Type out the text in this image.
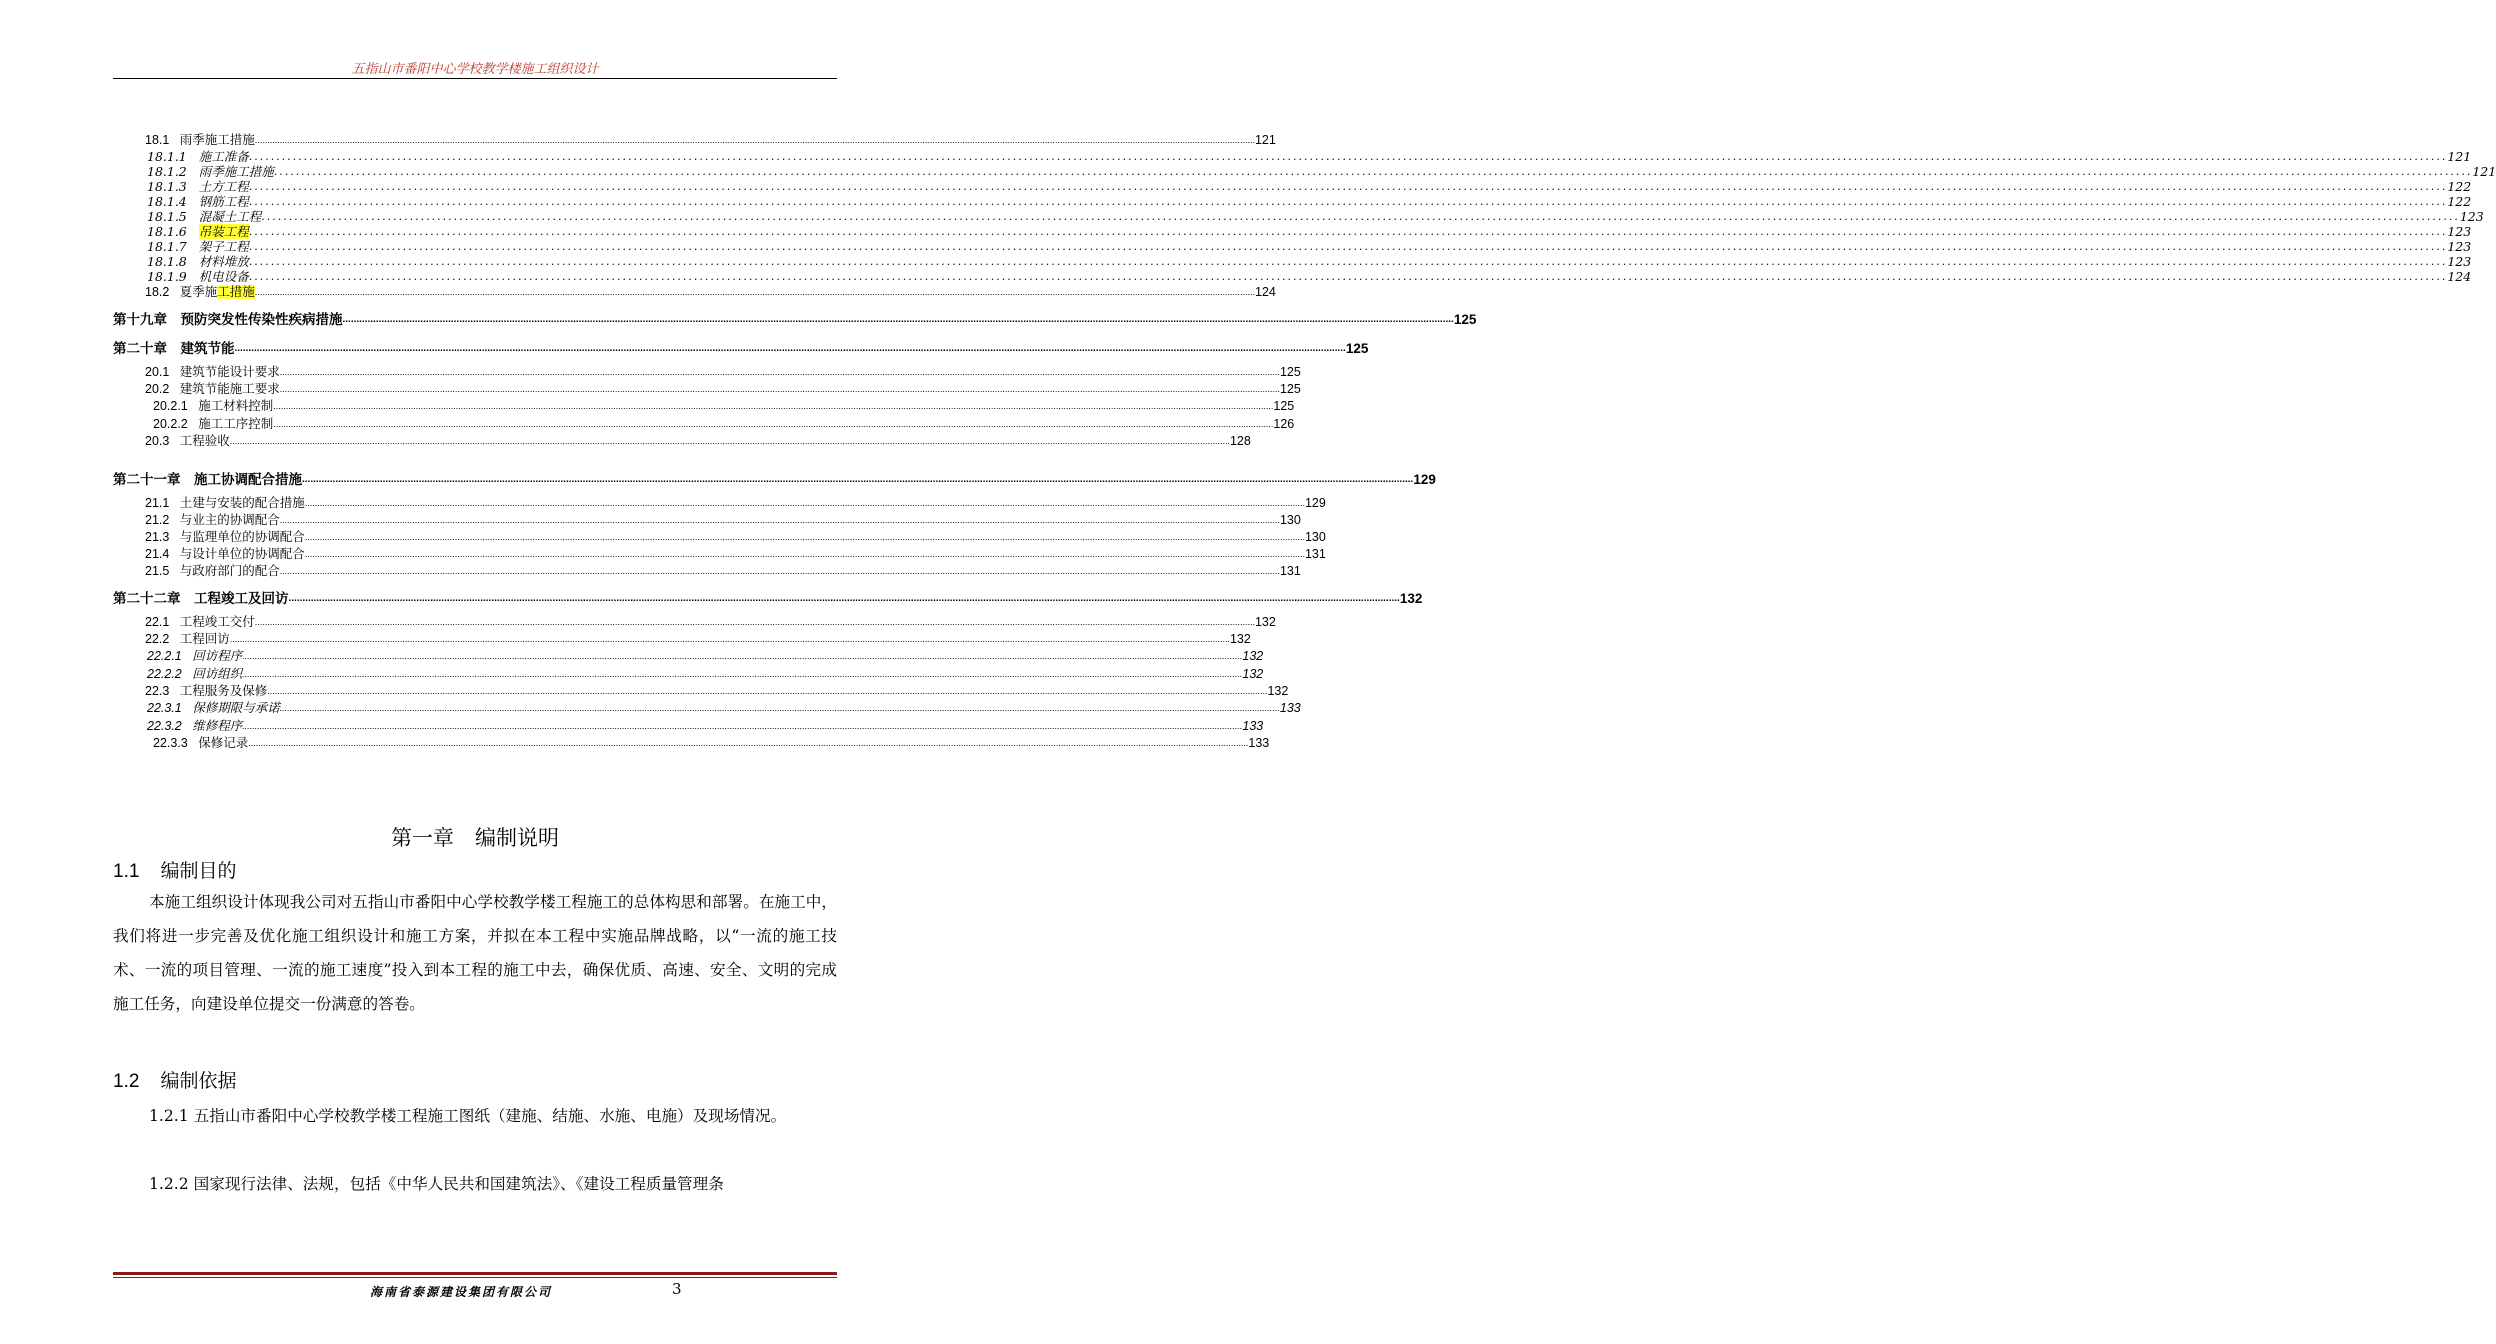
五指山市番阳中心学校教学楼施工组织设计
18.1 雨季施工措施 ................................................................................................................................................................................................................................................................................................................................................................................................................ 121
18.1.1 施工准备 ................................................................................................................................................................................................................................................................................................................................................................................................................ 121
18.1.2 雨季施工措施 ................................................................................................................................................................................................................................................................................................................................................................................................................ 121
18.1.3 土方工程 ................................................................................................................................................................................................................................................................................................................................................................................................................ 122
18.1.4 钢筋工程 ................................................................................................................................................................................................................................................................................................................................................................................................................ 122
18.1.5 混凝土工程 ................................................................................................................................................................................................................................................................................................................................................................................................................ 123
18.1.6 吊装工程 ................................................................................................................................................................................................................................................................................................................................................................................................................ 123
18.1.7 架子工程 ................................................................................................................................................................................................................................................................................................................................................................................................................ 123
18.1.8 材料堆放 ................................................................................................................................................................................................................................................................................................................................................................................................................ 123
18.1.9 机电设备 ................................................................................................................................................................................................................................................................................................................................................................................................................ 124
18.2 夏季施工措施 ................................................................................................................................................................................................................................................................................................................................................................................................................ 124
第十九章　 预防突发性传染性疾病措施 ................................................................................................................................................................................................................................................................................................................................................................................................................ 125
第二十章　 建筑节能 ................................................................................................................................................................................................................................................................................................................................................................................................................ 125
20.1 建筑节能设计要求 ................................................................................................................................................................................................................................................................................................................................................................................................................ 125
20.2 建筑节能施工要求 ................................................................................................................................................................................................................................................................................................................................................................................................................ 125
20.2.1 施工材料控制 ................................................................................................................................................................................................................................................................................................................................................................................................................ 125
20.2.2 施工工序控制 ................................................................................................................................................................................................................................................................................................................................................................................................................ 126
20.3 工程验收 ................................................................................................................................................................................................................................................................................................................................................................................................................ 128
第二十一章　 施工协调配合措施 ................................................................................................................................................................................................................................................................................................................................................................................................................ 129
21.1 土建与安装的配合措施 ................................................................................................................................................................................................................................................................................................................................................................................................................ 129
21.2 与业主的协调配合 ................................................................................................................................................................................................................................................................................................................................................................................................................ 130
21.3 与监理单位的协调配合 ................................................................................................................................................................................................................................................................................................................................................................................................................ 130
21.4 与设计单位的协调配合 ................................................................................................................................................................................................................................................................................................................................................................................................................ 131
21.5 与政府部门的配合 ................................................................................................................................................................................................................................................................................................................................................................................................................ 131
第二十二章　 工程竣工及回访 ................................................................................................................................................................................................................................................................................................................................................................................................................ 132
22.1 工程竣工交付 ................................................................................................................................................................................................................................................................................................................................................................................................................ 132
22.2 工程回访 ................................................................................................................................................................................................................................................................................................................................................................................................................ 132
22.2.1 回访程序 ................................................................................................................................................................................................................................................................................................................................................................................................................ 132
22.2.2 回访组织 ................................................................................................................................................................................................................................................................................................................................................................................................................ 132
22.3 工程服务及保修 ................................................................................................................................................................................................................................................................................................................................................................................................................ 132
22.3.1 保修期限与承诺 ................................................................................................................................................................................................................................................................................................................................................................................................................ 133
22.3.2 维修程序 ................................................................................................................................................................................................................................................................................................................................................................................................................ 133
22.3.3 保修记录 ................................................................................................................................................................................................................................................................................................................................................................................................................ 133
第一章　编制说明
1.1 编制目的
本施工组织设计体现我公司对五指山市番阳中心学校教学楼工程施工的总体构思和部署。在施工中，我们将进一步完善及优化施工组织设计和施工方案，并拟在本工程中实施品牌战略，以“一流的施工技术、一流的项目管理、一流的施工速度”投入到本工程的施工中去，确保优质、高速、安全、文明的完成施工任务，向建设单位提交一份满意的答卷。
1.2 编制依据
1.2.1 五指山市番阳中心学校教学楼工程施工图纸（建施、结施、水施、电施）及现场情况。
1.2.2 国家现行法律、法规，包括《中华人民共和国建筑法》、《建设工程质量管理条
海南省泰源建设集团有限公司	3
